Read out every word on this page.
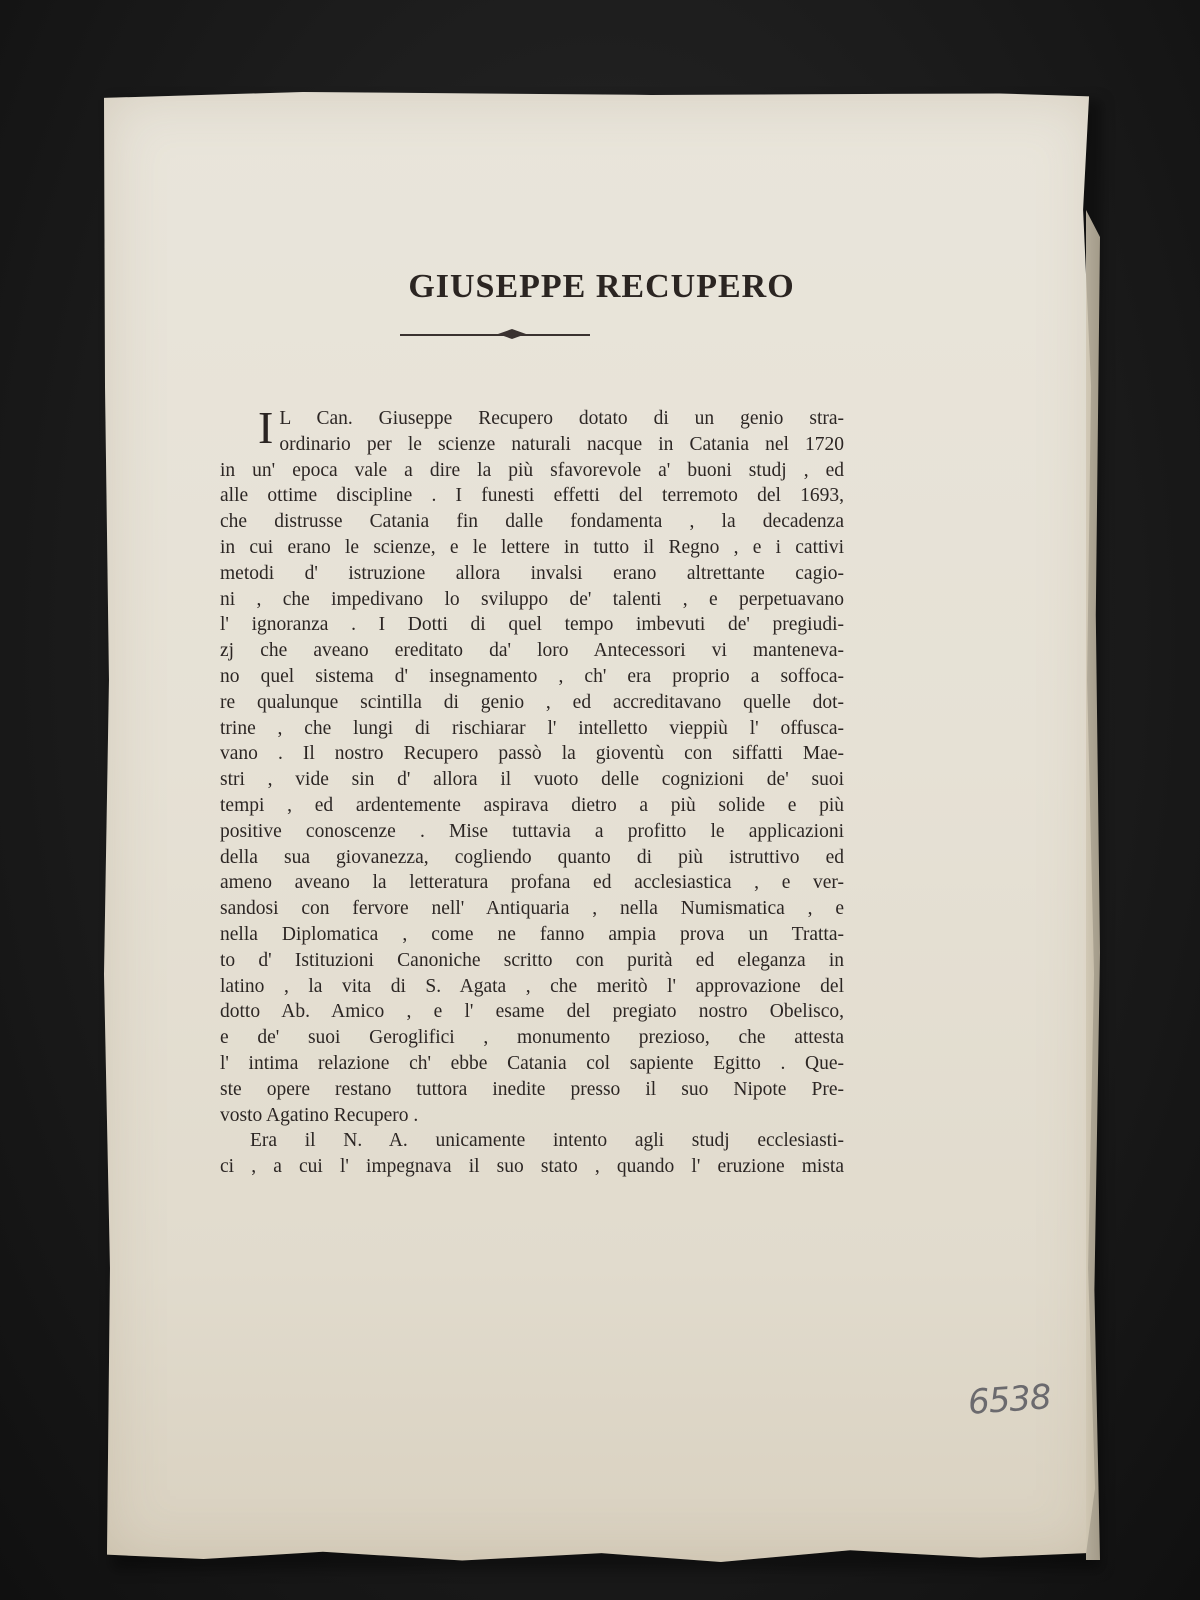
GIUSEPPE RECUPERO
I L Can. Giuseppe Recupero dotato di un genio stra-
ordinario per le scienze naturali nacque in Catania nel 1720
in un' epoca vale a dire la più sfavorevole a' buoni studj , ed
alle ottime discipline . I funesti effetti del terremoto del 1693,
che distrusse Catania fin dalle fondamenta , la decadenza
in cui erano le scienze, e le lettere in tutto il Regno , e i cattivi
metodi d' istruzione allora invalsi erano altrettante cagio-
ni , che impedivano lo sviluppo de' talenti , e perpetuavano
l' ignoranza . I Dotti di quel tempo imbevuti de' pregiudi-
zj che aveano ereditato da' loro Antecessori vi manteneva-
no quel sistema d' insegnamento , ch' era proprio a soffoca-
re qualunque scintilla di genio , ed accreditavano quelle dot-
trine , che lungi di rischiarar l' intelletto vieppiù l' offusca-
vano . Il nostro Recupero passò la gioventù con siffatti Mae-
stri , vide sin d' allora il vuoto delle cognizioni de' suoi
tempi , ed ardentemente aspirava dietro a più solide e più
positive conoscenze . Mise tuttavia a profitto le applicazioni
della sua giovanezza, cogliendo quanto di più istruttivo ed
ameno aveano la letteratura profana ed acclesiastica , e ver-
sandosi con fervore nell' Antiquaria , nella Numismatica , e
nella Diplomatica , come ne fanno ampia prova un Tratta-
to d' Istituzioni Canoniche scritto con purità ed eleganza in
latino , la vita di S. Agata , che meritò l' approvazione del
dotto Ab. Amico , e l' esame del pregiato nostro Obelisco,
e de' suoi Geroglifici , monumento prezioso, che attesta
l' intima relazione ch' ebbe Catania col sapiente Egitto . Que-
ste opere restano tuttora inedite presso il suo Nipote Pre-
vosto Agatino Recupero .
Era il N. A. unicamente intento agli studj ecclesiasti-
ci , a cui l' impegnava il suo stato , quando l' eruzione mista
6538
